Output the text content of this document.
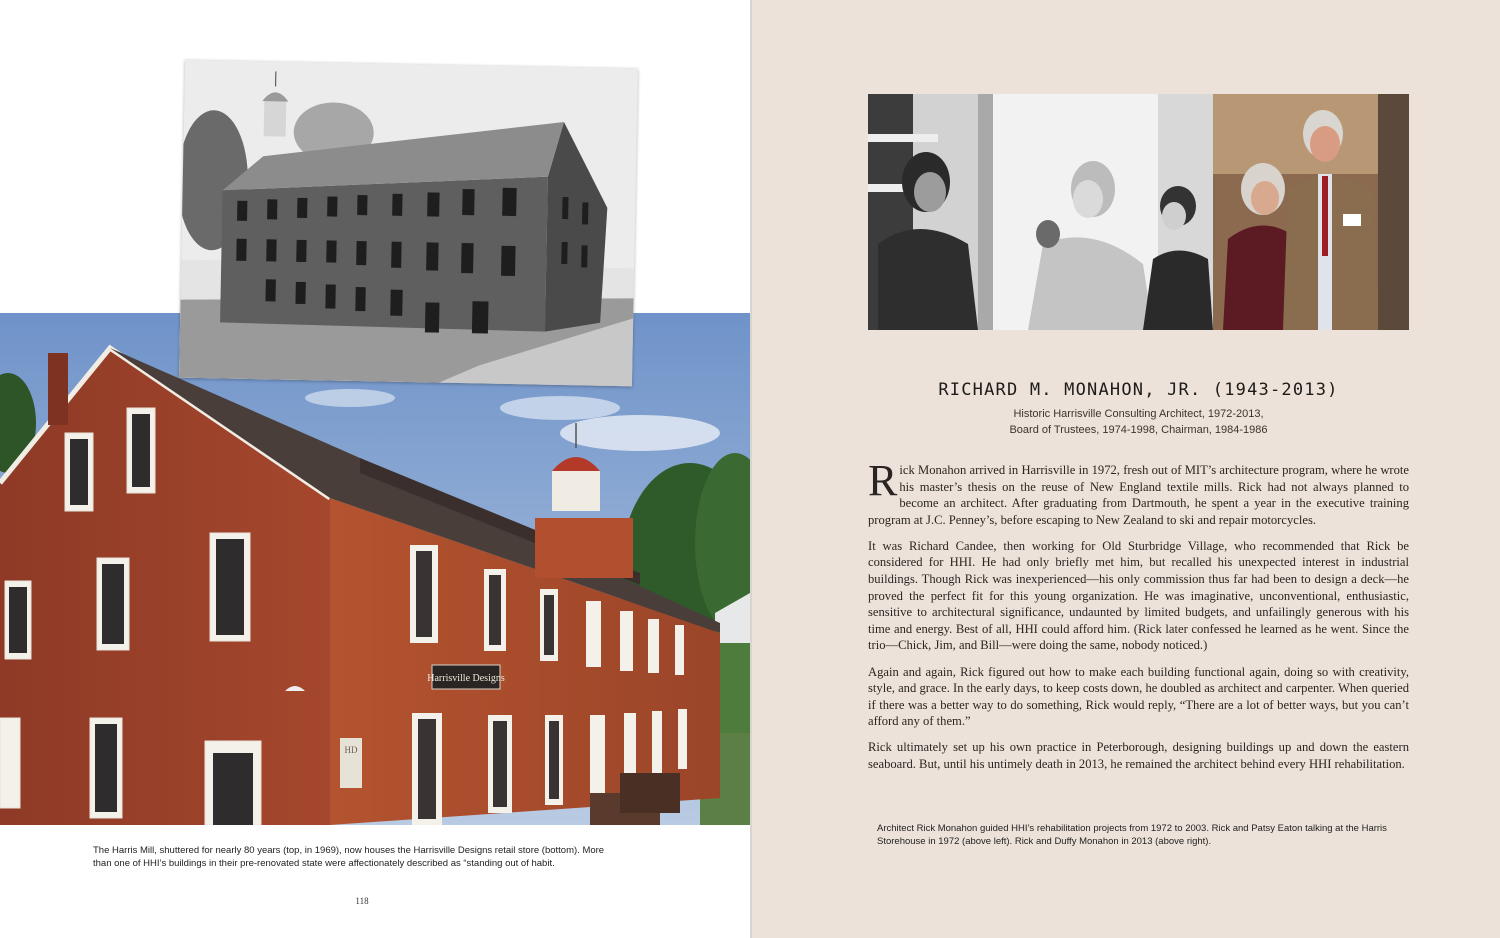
Harrisville Designs
HD
The Harris Mill, shuttered for nearly 80 years (top, in 1969), now houses the Harrisville Designs retail store (bottom). More than one of HHI’s buildings in their pre-renovated state were affectionately described as “standing out of habit.
118
RICHARD M. MONAHON, JR. (1943-2013)
Historic Harrisville Consulting Architect, 1972-2013,
Board of Trustees, 1974-1998, Chairman, 1984-1986

Rick Monahon arrived in Harrisville in 1972, fresh out of MIT’s architecture program, where he wrote his master’s thesis on the reuse of New England textile mills. Rick had not always planned to become an architect. After graduating from Dartmouth, he spent a year in the executive training program at J.C. Penney’s, before escaping to New Zealand to ski and repair motorcycles.

It was Richard Candee, then working for Old Sturbridge Village, who recommended that Rick be considered for HHI. He had only briefly met him, but recalled his unexpected interest in industrial buildings. Though Rick was inexperienced—his only commission thus far had been to design a deck—he proved the perfect fit for this young organization. He was imaginative, unconventional, enthusiastic, sensitive to architectural significance, undaunted by limited budgets, and unfailingly generous with his time and energy. Best of all, HHI could afford him. (Rick later confessed he learned as he went. Since the trio—Chick, Jim, and Bill—were doing the same, nobody noticed.)

Again and again, Rick figured out how to make each building functional again, doing so with creativity, style, and grace. In the early days, to keep costs down, he doubled as architect and carpenter. When queried if there was a better way to do something, Rick would reply, “There are a lot of better ways, but you can’t afford any of them.”

Rick ultimately set up his own practice in Peterborough, designing buildings up and down the eastern seaboard. But, until his untimely death in 2013, he remained the architect behind every HHI rehabilitation.

Architect Rick Monahon guided HHI’s rehabilitation projects from 1972 to 2003. Rick and Patsy Eaton talking at the Harris Storehouse in 1972 (above left). Rick and Duffy Monahon in 2013 (above right).
